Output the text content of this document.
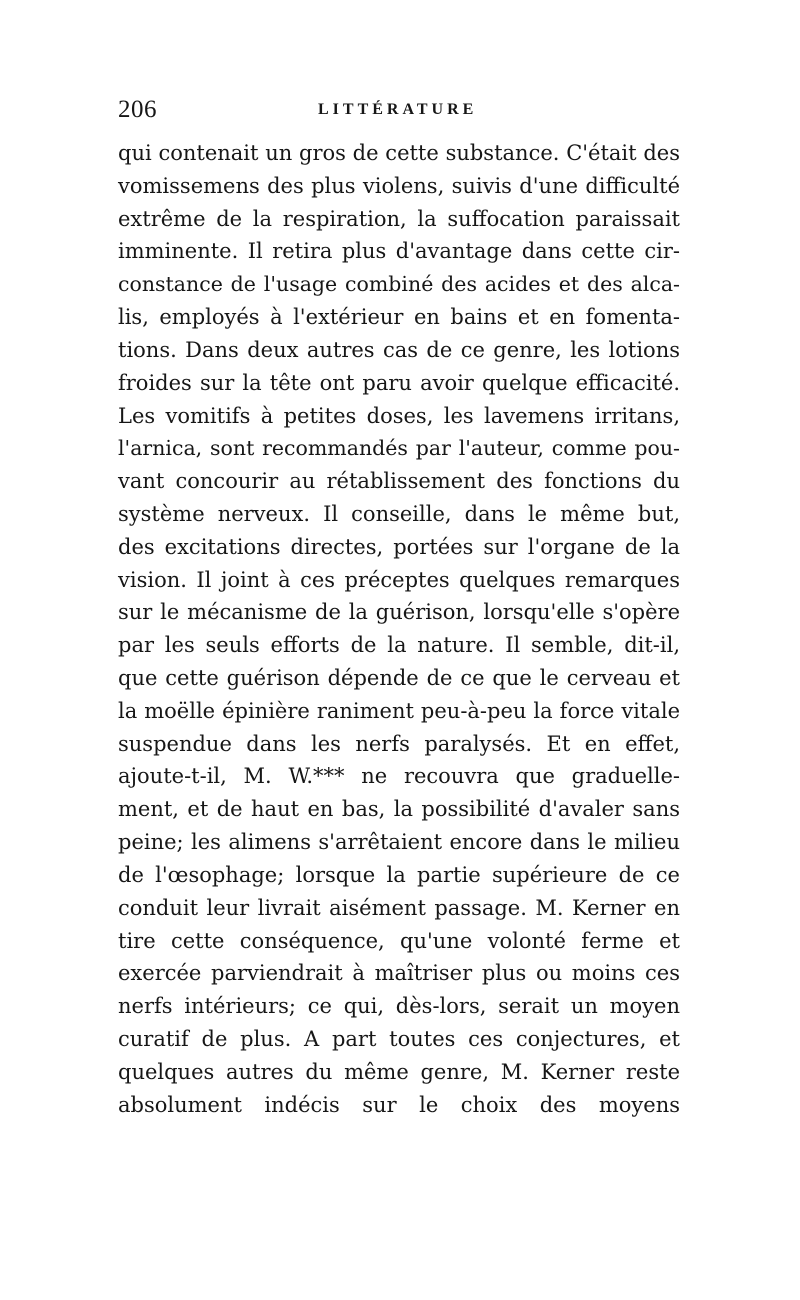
206	LITTÉRATURE
qui contenait un gros de cette substance. C'était des
vomissemens des plus violens, suivis d'une difficulté
extrême de la respiration, la suffocation paraissait
imminente. Il retira plus d'avantage dans cette cir-
constance de l'usage combiné des acides et des alca-
lis, employés à l'extérieur en bains et en fomenta-
tions. Dans deux autres cas de ce genre, les lotions
froides sur la tête ont paru avoir quelque efficacité.
Les vomitifs à petites doses, les lavemens irritans,
l'arnica, sont recommandés par l'auteur, comme pou-
vant concourir au rétablissement des fonctions du
système nerveux. Il conseille, dans le même but,
des excitations directes, portées sur l'organe de la
vision. Il joint à ces préceptes quelques remarques
sur le mécanisme de la guérison, lorsqu'elle s'opère
par les seuls efforts de la nature. Il semble, dit-il,
que cette guérison dépende de ce que le cerveau et
la moëlle épinière raniment peu-à-peu la force vitale
suspendue dans les nerfs paralysés. Et en effet,
ajoute-t-il, M. W.*** ne recouvra que graduelle-
ment, et de haut en bas, la possibilité d'avaler sans
peine; les alimens s'arrêtaient encore dans le milieu
de l'œsophage; lorsque la partie supérieure de ce
conduit leur livrait aisément passage. M. Kerner en
tire cette conséquence, qu'une volonté ferme et
exercée parviendrait à maîtriser plus ou moins ces
nerfs intérieurs; ce qui, dès-lors, serait un moyen
curatif de plus. A part toutes ces conjectures, et
quelques autres du même genre, M. Kerner reste
absolument indécis sur le choix des moyens
